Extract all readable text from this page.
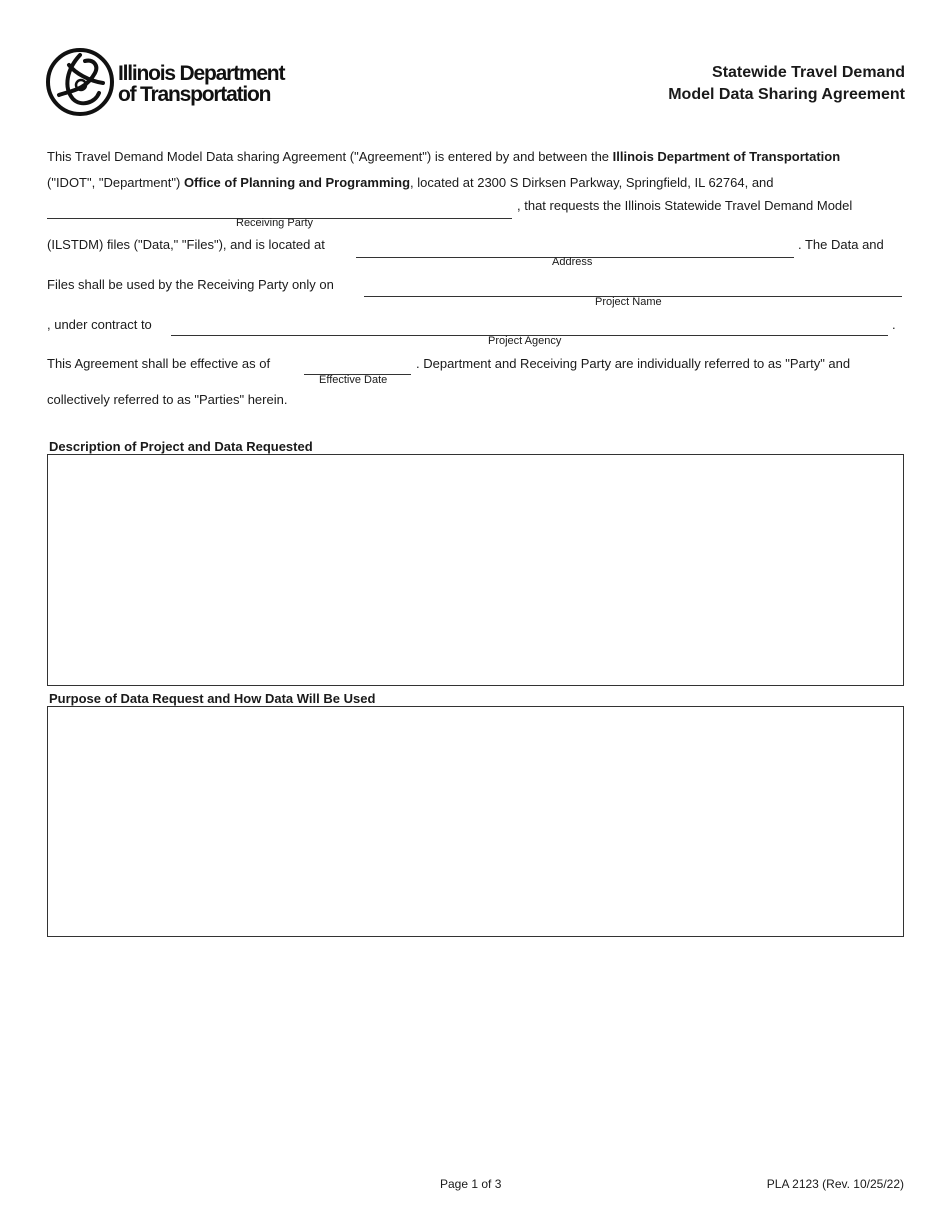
Illinois Department
of Transportation
Statewide Travel Demand
Model Data Sharing Agreement
This Travel Demand Model Data sharing Agreement ("Agreement") is entered by and between the Illinois Department of Transportation
("IDOT", "Department") Office of Planning and Programming, located at 2300 S Dirksen Parkway, Springfield, IL 62764, and
, that requests the Illinois Statewide Travel Demand Model
Receiving Party
(ILSTDM) files ("Data," "Files"), and is located at	. The Data and
Address
Files shall be used by the Receiving Party only on
Project Name
, under contract to	.
Project Agency
This Agreement shall be effective as of	. Department and Receiving Party are individually referred to as "Party" and
Effective Date
collectively referred to as "Parties" herein.
Description of Project and Data Requested
Purpose of Data Request and How Data Will Be Used
Page 1 of 3	PLA 2123 (Rev. 10/25/22)
